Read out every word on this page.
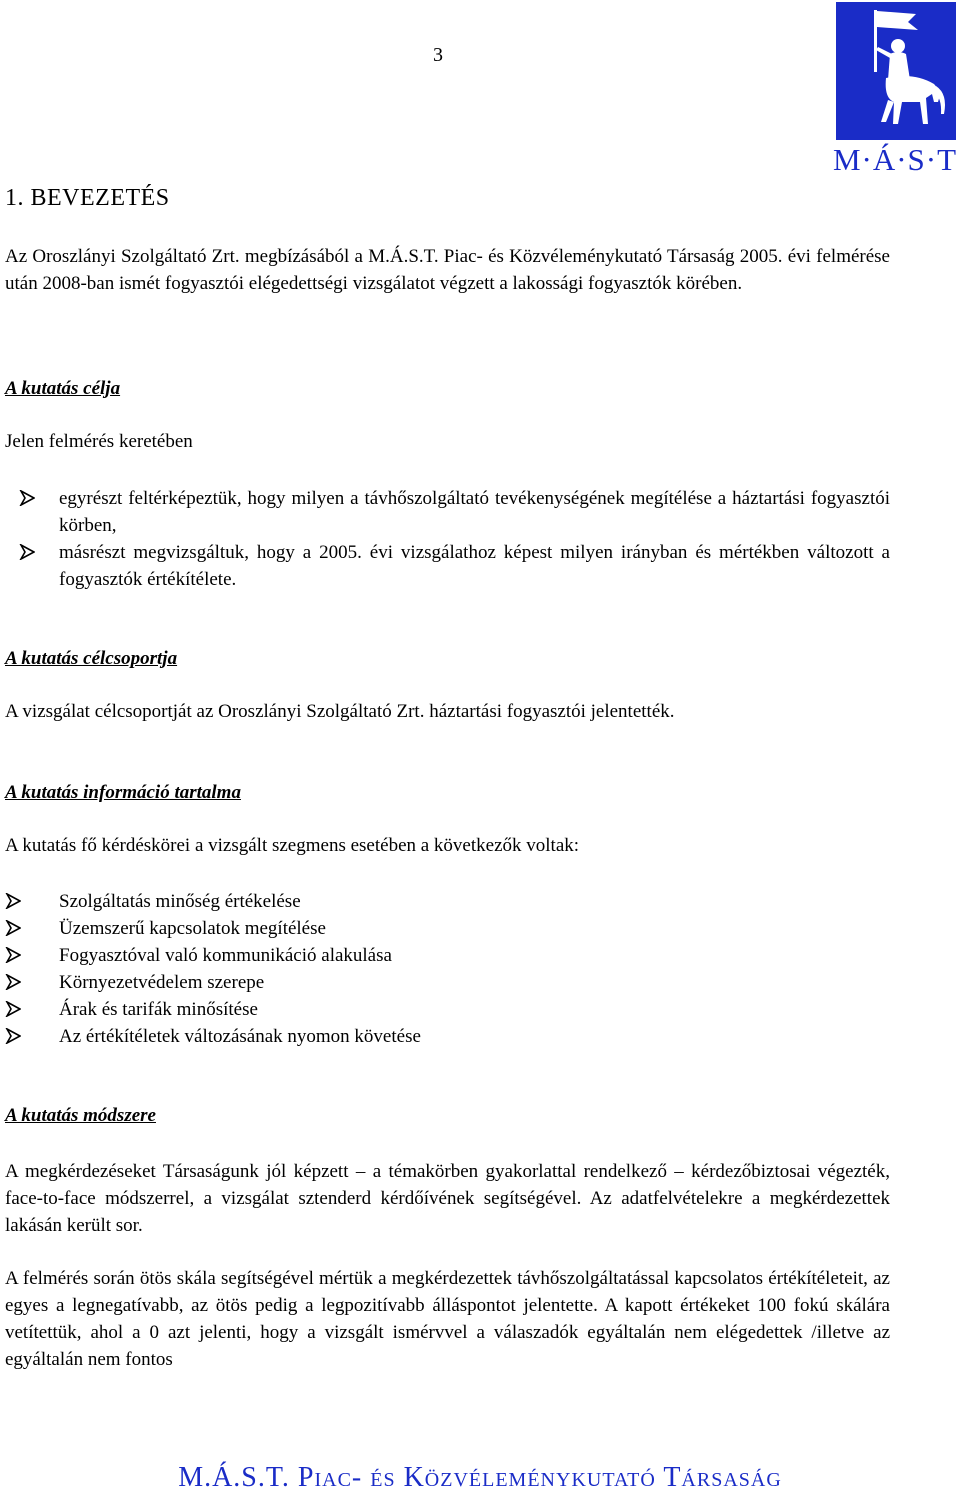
3
M·Á·S·T
1. BEVEZETÉS
Az Oroszlányi Szolgáltató Zrt. megbízásából a M.Á.S.T. Piac- és Közvéleménykutató Társaság 2005. évi felmérése után 2008-ban ismét fogyasztói elégedettségi vizsgálatot végzett a lakossági fogyasztók körében.
A kutatás célja
Jelen felmérés keretében
egyrészt feltérképeztük, hogy milyen a távhőszolgáltató tevékenységének megítélése a háztartási fogyasztói körben,
másrészt megvizsgáltuk, hogy a 2005. évi vizsgálathoz képest milyen irányban és mértékben változott a fogyasztók értékítélete.
A kutatás célcsoportja
A vizsgálat célcsoportját az Oroszlányi Szolgáltató Zrt. háztartási fogyasztói jelentették.
A kutatás információ tartalma
A kutatás fő kérdéskörei a vizsgált szegmens esetében a következők voltak:
Szolgáltatás minőség értékelése
Üzemszerű kapcsolatok megítélése
Fogyasztóval való kommunikáció alakulása
Környezetvédelem szerepe
Árak és tarifák minősítése
Az értékítéletek változásának nyomon követése
A kutatás módszere
A megkérdezéseket Társaságunk jól képzett – a témakörben gyakorlattal rendelkező – kérdezőbiztosai végezték, face-to-face módszerrel, a vizsgálat sztenderd kérdőívének segítségével. Az adatfelvételekre a megkérdezettek lakásán került sor.
A felmérés során ötös skála segítségével mértük a megkérdezettek távhőszolgáltatással kapcsolatos értékítéleteit, az egyes a legnegatívabb, az ötös pedig a legpozitívabb álláspontot jelentette. A kapott értékeket 100 fokú skálára vetítettük, ahol a 0 azt jelenti, hogy a vizsgált ismérvvel a válaszadók egyáltalán nem elégedettek /illetve az egyáltalán nem fontos
M.Á.S.T. Piac- és Közvéleménykutató Társaság
